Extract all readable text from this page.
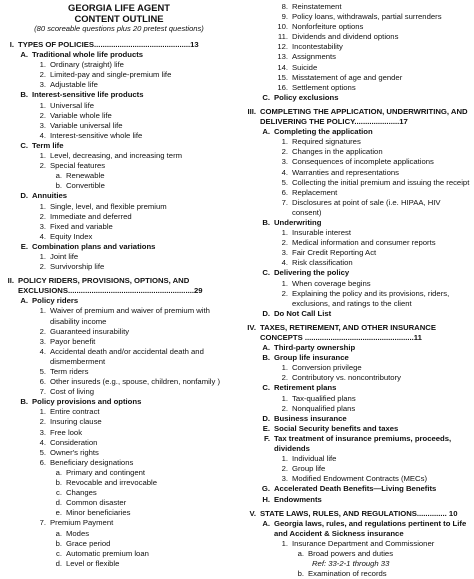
GEORGIA LIFE AGENT
CONTENT OUTLINE
(80 scoreable questions plus 20 pretest questions)
I. TYPES OF POLICIES.............................................13
A. Traditional whole life products
1. Ordinary (straight) life
2. Limited-pay and single-premium life
3. Adjustable life
B. Interest-sensitive life products
1. Universal life
2. Variable whole life
3. Variable universal life
4. Interest-sensitive whole life
C. Term life
1. Level, decreasing, and increasing term
2. Special features
a. Renewable
b. Convertible
D. Annuities
1. Single, level, and flexible premium
2. Immediate and deferred
3. Fixed and variable
4. Equity Index
E. Combination plans and variations
1. Joint life
2. Survivorship life
II. POLICY RIDERS, PROVISIONS, OPTIONS, AND EXCLUSIONS...........................................................29
A. Policy riders
1. Waiver of premium and waiver of premium with disability income
2. Guaranteed insurability
3. Payor benefit
4. Accidental death and/or accidental death and dismemberment
5. Term riders
6. Other insureds (e.g., spouse, children, nonfamily )
7. Cost of living
B. Policy provisions and options
1. Entire contract
2. Insuring clause
3. Free look
4. Consideration
5. Owner's rights
6. Beneficiary designations
a. Primary and contingent
b. Revocable and irrevocable
c. Changes
d. Common disaster
e. Minor beneficiaries
7. Premium Payment
a. Modes
b. Grace period
c. Automatic premium loan
d. Level or flexible
8. Reinstatement
9. Policy loans, withdrawals, partial surrenders
10. Nonforfeiture options
11. Dividends and dividend options
12. Incontestability
13. Assignments
14. Suicide
15. Misstatement of age and gender
16. Settlement options
C. Policy exclusions
III. COMPLETING THE APPLICATION, UNDERWRITING, AND DELIVERING THE POLICY.....................17
A. Completing the application
1. Required signatures
2. Changes in the application
3. Consequences of incomplete applications
4. Warranties and representations
5. Collecting the initial premium and issuing the receipt
6. Replacement
7. Disclosures at point of sale (i.e. HIPAA, HIV consent)
B. Underwriting
1. Insurable interest
2. Medical information and consumer reports
3. Fair Credit Reporting Act
4. Risk classification
C. Delivering the policy
1. When coverage begins
2. Explaining the policy and its provisions, riders, exclusions, and ratings to the client
D. Do Not Call List
IV. TAXES, RETIREMENT, AND OTHER INSURANCE CONCEPTS ...................................................11
A. Third-party ownership
B. Group life insurance
1. Conversion privilege
2. Contributory vs. noncontributory
C. Retirement plans
1. Tax-qualified plans
2. Nonqualified plans
D. Business insurance
E. Social Security benefits and taxes
F. Tax treatment of insurance premiums, proceeds, dividends
1. Individual life
2. Group life
3. Modified Endowment Contracts (MECs)
G. Accelerated Death Benefits—Living Benefits
H. Endowments
V. STATE LAWS, RULES, AND REGULATIONS.............. 10
A. Georgia laws, rules, and regulations pertinent to Life and Accident & Sickness insurance
1. Insurance Department and Commissioner
a. Broad powers and duties
Ref: 33-2-1 through 33
b. Examination of records
